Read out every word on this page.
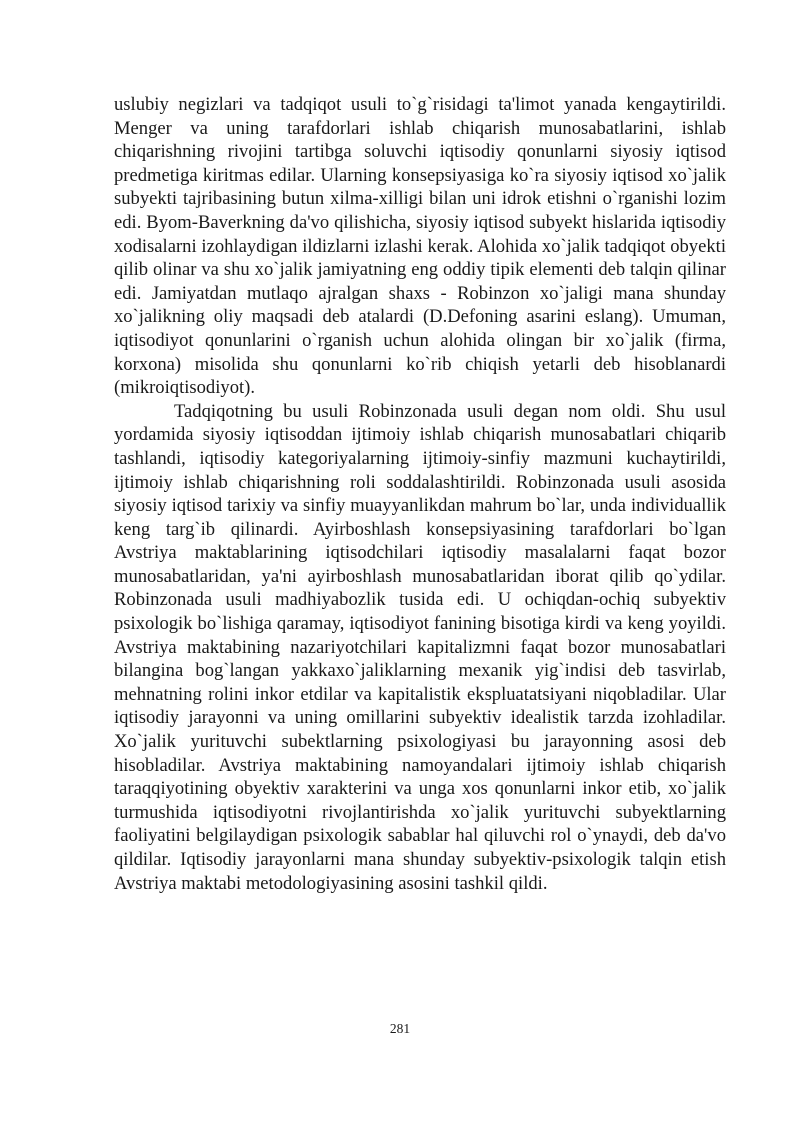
uslubiy negizlari va tadqiqot usuli to`g`risidagi ta'limot yanada kengaytirildi. Menger va uning tarafdorlari ishlab chiqarish munosabatlarini, ishlab chiqarishning rivojini tartibga soluvchi iqtisodiy qonunlarni siyosiy iqtisod predmetiga kiritmas edilar. Ularning konsepsiyasiga ko`ra siyosiy iqtisod xo`jalik subyekti tajribasining butun xilma-xilligi bilan uni idrok etishni o`rganishi lozim edi. Byom-Baverkning da'vo qilishicha, siyosiy iqtisod subyekt hislarida iqtisodiy xodisalarni izohlaydigan ildizlarni izlashi kerak. Alohida xo`jalik tadqiqot obyekti qilib olinar va shu xo`jalik jamiyatning eng oddiy tipik elementi deb talqin qilinar edi. Jamiyatdan mutlaqo ajralgan shaxs - Robinzon xo`jaligi mana shunday xo`jalikning oliy maqsadi deb atalardi (D.Defoning asarini eslang). Umuman, iqtisodiyot qonunlarini o`rganish uchun alohida olingan bir xo`jalik (firma, korxona) misolida shu qonunlarni ko`rib chiqish yetarli deb hisoblanardi (mikroiqtisodiyot).

Tadqiqotning bu usuli Robinzonada usuli degan nom oldi. Shu usul yordamida siyosiy iqtisoddan ijtimoiy ishlab chiqarish munosabatlari chiqarib tashlandi, iqtisodiy kategoriyalarning ijtimoiy-sinfiy mazmuni kuchaytirildi, ijtimoiy ishlab chiqarishning roli soddalashtirildi. Robinzonada usuli asosida siyosiy iqtisod tarixiy va sinfiy muayyanlikdan mahrum bo`lar, unda individuallik keng targ`ib qilinardi. Ayirboshlash konsepsiyasining tarafdorlari bo`lgan Avstriya maktablarining iqtisodchilari iqtisodiy masalalarni faqat bozor munosabatlaridan, ya'ni ayirboshlash munosabatlaridan iborat qilib qo`ydilar. Robinzonada usuli madhiyabozlik tusida edi. U ochiqdan-ochiq subyektiv psixologik bo`lishiga qaramay, iqtisodiyot fanining bisotiga kirdi va keng yoyildi. Avstriya maktabining nazariyotchilari kapitalizmni faqat bozor munosabatlari bilangina bog`langan yakkaxo`jaliklarning mexanik yig`indisi deb tasvirlab, mehnatning rolini inkor etdilar va kapitalistik ekspluatatsiyani niqobladilar. Ular iqtisodiy jarayonni va uning omillarini subyektiv idealistik tarzda izohladilar. Xo`jalik yurituvchi subektlarning psixologiyasi bu jarayonning asosi deb hisobladilar. Avstriya maktabining namoyandalari ijtimoiy ishlab chiqarish taraqqiyotining obyektiv xarakterini va unga xos qonunlarni inkor etib, xo`jalik turmushida iqtisodiyotni rivojlantirishda xo`jalik yurituvchi subyektlarning faoliyatini belgilaydigan psixologik sabablar hal qiluvchi rol o`ynaydi, deb da'vo qildilar. Iqtisodiy jarayonlarni mana shunday subyektiv-psixologik talqin etish Avstriya maktabi metodologiyasining asosini tashkil qildi.

281
